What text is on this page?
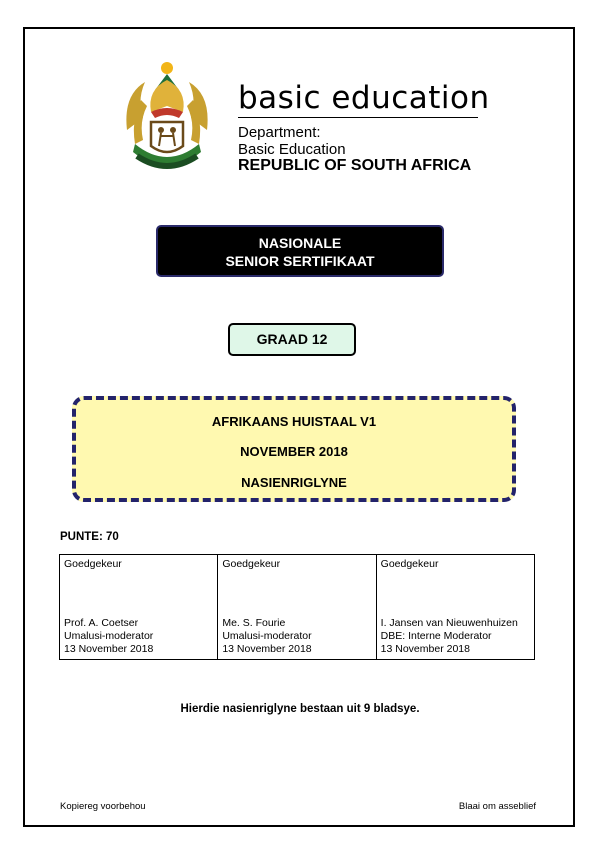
basic education
Department:
Basic Education
REPUBLIC OF SOUTH AFRICA
NASIONALE
SENIOR SERTIFIKAAT
GRAAD 12
AFRIKAANS HUISTAAL V1
NOVEMBER 2018
NASIENRIGLYNE
PUNTE: 70
Goedgekeur
Prof. A. Coetser
Umalusi-moderator
13 November 2018

Goedgekeur
Me. S. Fourie
Umalusi-moderator
13 November 2018

Goedgekeur
I. Jansen van Nieuwenhuizen
DBE: Interne Moderator
13 November 2018
Hierdie nasienriglyne bestaan uit 9 bladsye.
Kopiereg voorbehou	Blaai om asseblief
